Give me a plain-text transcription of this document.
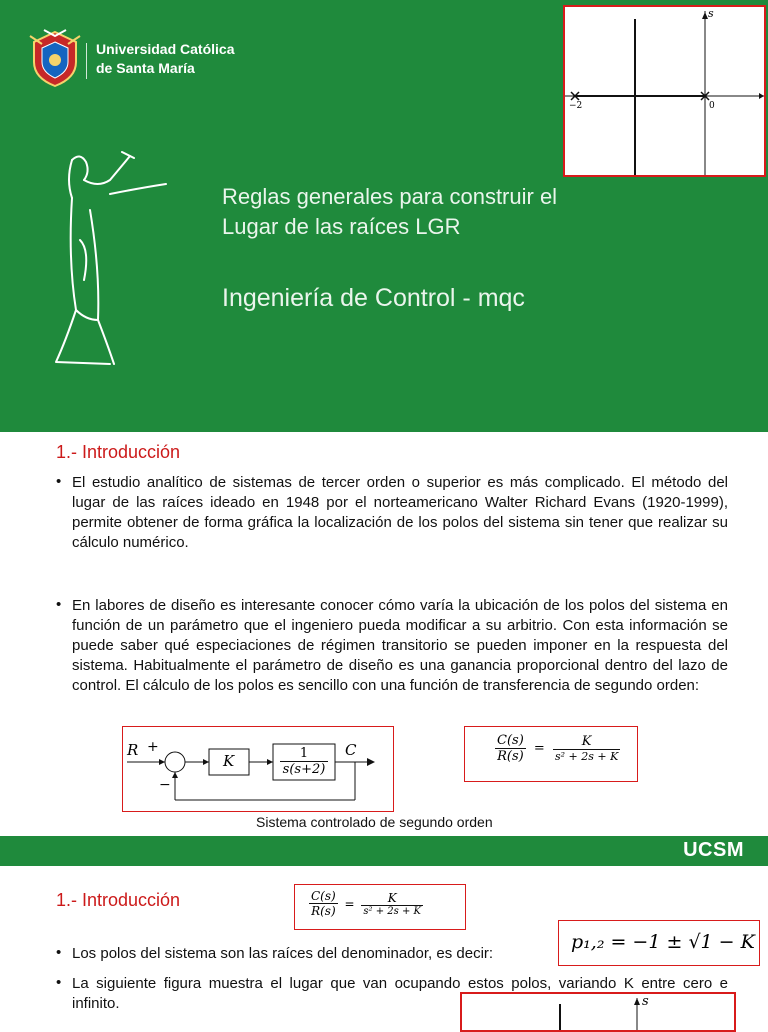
Universidad Católica
de Santa María
Reglas generales para construir el
Lugar de las raíces LGR
Ingeniería de Control - mqc
s
−2	0
1.- Introducción
• El estudio analítico de sistemas de tercer orden o superior es más complicado. El método del lugar de las raíces ideado en 1948 por el norteamericano Walter Richard Evans (1920-1999), permite obtener de forma gráfica la localización de los polos del sistema sin tener que realizar su cálculo numérico.
• En labores de diseño es interesante conocer cómo varía la ubicación de los polos del sistema en función de un parámetro que el ingeniero pueda modificar a su arbitrio. Con esta información se puede saber qué especiaciones de régimen transitorio se pueden imponer en la respuesta del sistema. Habitualmente el parámetro de diseño es una ganancia proporcional dentro del lazo de control. El cálculo de los polos es sencillo con una función de transferencia de segundo orden:
R +
−
K	$\frac{1}{s(s+2)}$ C	$\frac{C(s)}{R(s)} = \frac{K}{\text{s² + 2s + K}}$
Sistema controlado de segundo orden
UCSM
1.- Introducción	$\frac{C(s)}{R(s)} = \frac{K}{\text{s² + 2s + K}}$
• Los polos del sistema son las raíces del denominador, es decir:
p₁,₂ = −1 ± √1 − K
• La siguiente figura muestra el lugar que van ocupando estos polos, variando K entre cero e infinito.	s
